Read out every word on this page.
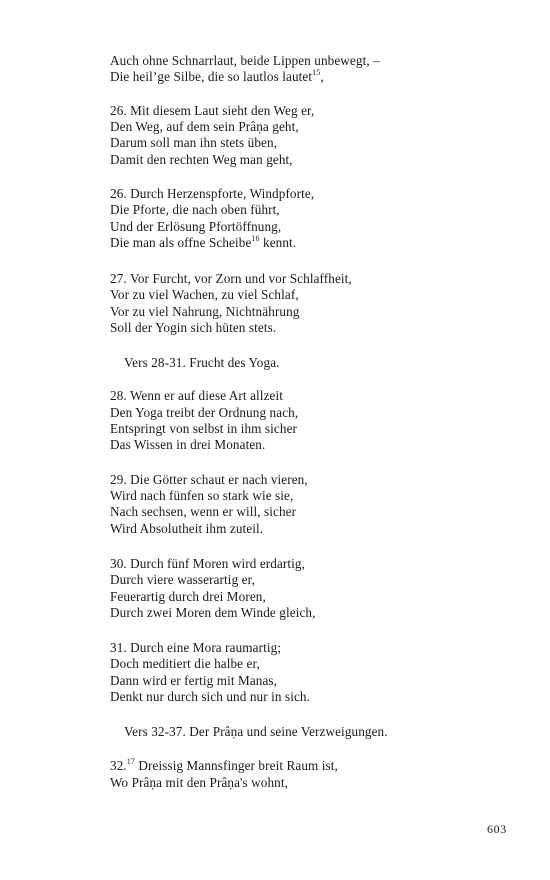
Auch ohne Schnarrlaut, beide Lippen unbewegt, –
Die heil’ge Silbe, die so lautlos lautet$^{15}$,
26. Mit diesem Laut sieht den Weg er,
Den Weg, auf dem sein Prâṇa geht,
Darum soll man ihn stets üben,
Damit den rechten Weg man geht,
26. Durch Herzenspforte, Windpforte,
Die Pforte, die nach oben führt,
Und der Erlösung Pfortöffnung,
Die man als offne Scheibe$^{16}$ kennt.
27. Vor Furcht, vor Zorn und vor Schlaffheit,
Vor zu viel Wachen, zu viel Schlaf,
Vor zu viel Nahrung, Nichtnährung
Soll der Yogin sich hüten stets.
Vers 28-31. Frucht des Yoga.
28. Wenn er auf diese Art allzeit
Den Yoga treibt der Ordnung nach,
Entspringt von selbst in ihm sicher
Das Wissen in drei Monaten.
29. Die Götter schaut er nach vieren,
Wird nach fünfen so stark wie sie,
Nach sechsen, wenn er will, sicher
Wird Absolutheit ihm zuteil.
30. Durch fünf Moren wird erdartig,
Durch viere wasserartig er,
Feuerartig durch drei Moren,
Durch zwei Moren dem Winde gleich,
31. Durch eine Mora raumartig;
Doch meditiert die halbe er,
Dann wird er fertig mit Manas,
Denkt nur durch sich und nur in sich.
Vers 32-37. Der Prâṇa und seine Verzweigungen.
32.17 Dreissig Mannsfinger breit Raum ist,
Wo Prâṇa mit den Prâṇa's wohnt,
603
